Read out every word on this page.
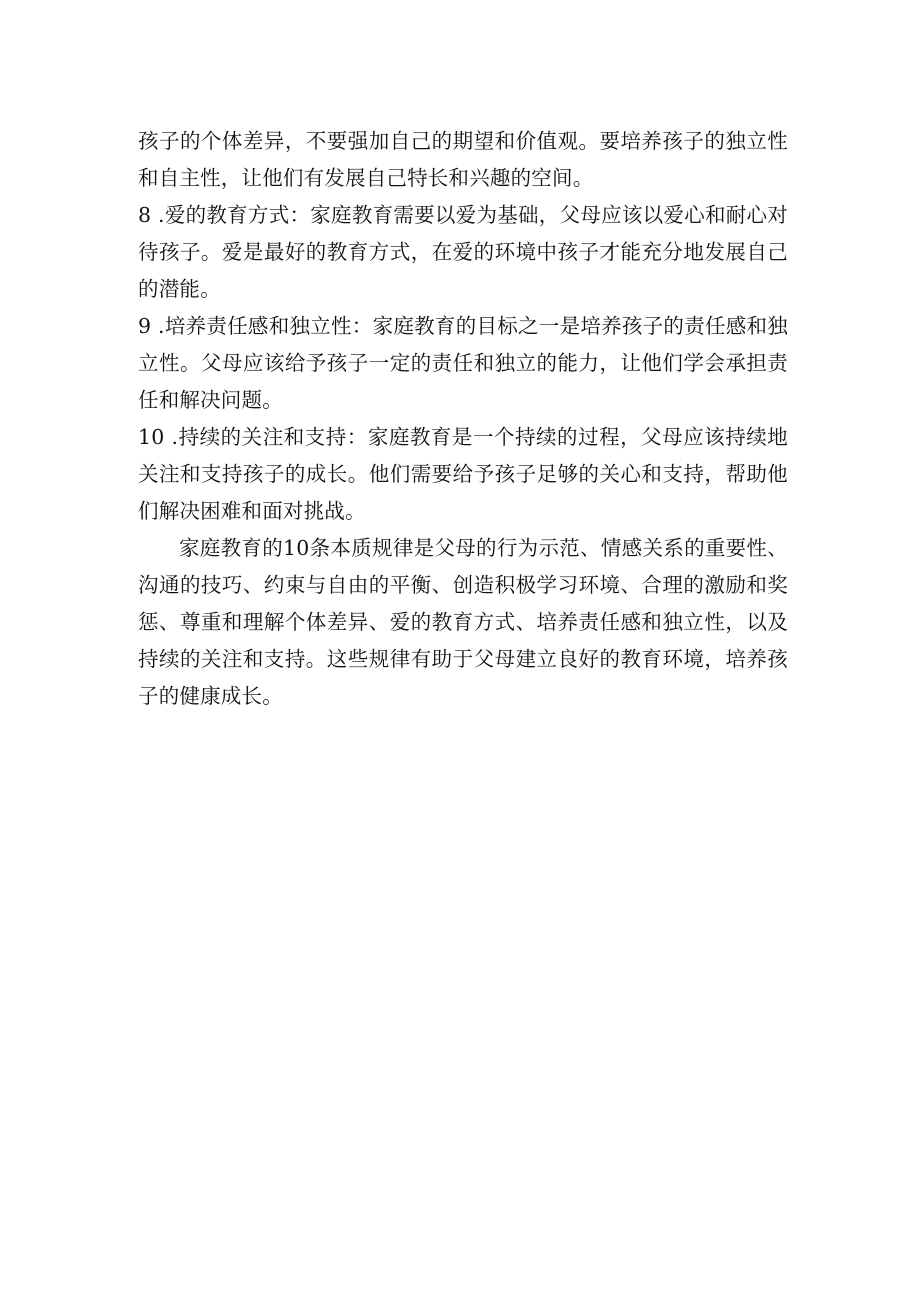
孩子的个体差异，不要强加自己的期望和价值观。要培养孩子的独立性和自主性，让他们有发展自己特长和兴趣的空间。

8 .爱的教育方式：家庭教育需要以爱为基础，父母应该以爱心和耐心对待孩子。爱是最好的教育方式，在爱的环境中孩子才能充分地发展自己的潜能。

9 .培养责任感和独立性：家庭教育的目标之一是培养孩子的责任感和独立性。父母应该给予孩子一定的责任和独立的能力，让他们学会承担责任和解决问题。

10 .持续的关注和支持：家庭教育是一个持续的过程，父母应该持续地关注和支持孩子的成长。他们需要给予孩子足够的关心和支持，帮助他们解决困难和面对挑战。

家庭教育的10条本质规律是父母的行为示范、情感关系的重要性、沟通的技巧、约束与自由的平衡、创造积极学习环境、合理的激励和奖惩、尊重和理解个体差异、爱的教育方式、培养责任感和独立性，以及持续的关注和支持。这些规律有助于父母建立良好的教育环境，培养孩子的健康成长。
